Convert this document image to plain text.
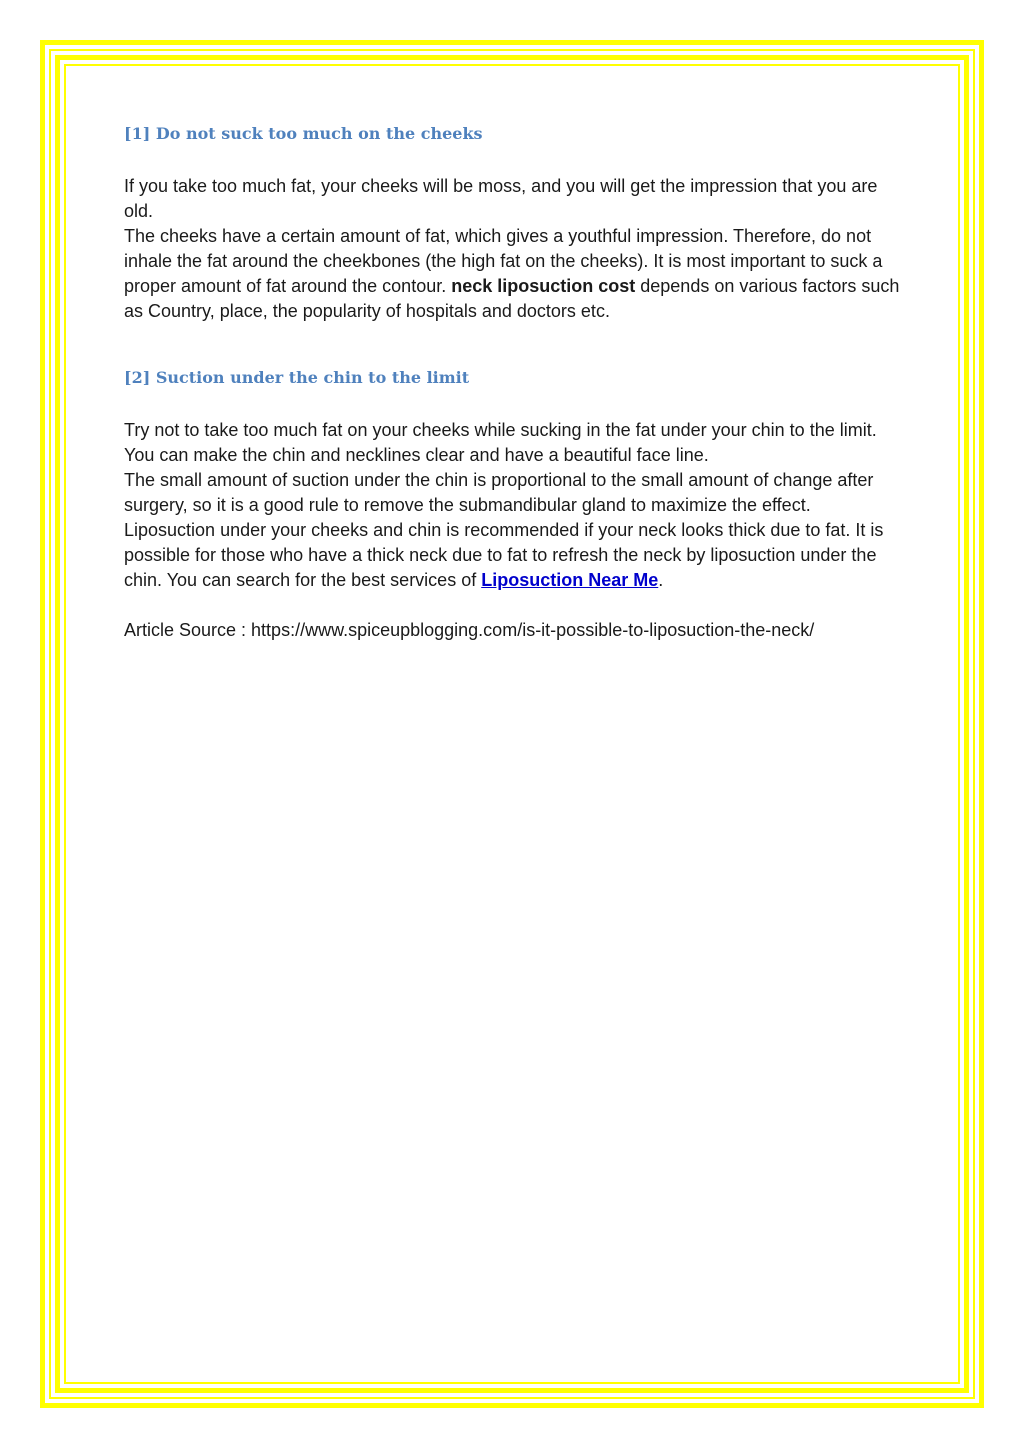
[1] Do not suck too much on the cheeks

If you take too much fat, your cheeks will be moss, and you will get the impression that you are old.

The cheeks have a certain amount of fat, which gives a youthful impression. Therefore, do not inhale the fat around the cheekbones (the high fat on the cheeks). It is most important to suck a proper amount of fat around the contour. neck liposuction cost depends on various factors such as Country, place, the popularity of hospitals and doctors etc.

[2] Suction under the chin to the limit

Try not to take too much fat on your cheeks while sucking in the fat under your chin to the limit. You can make the chin and necklines clear and have a beautiful face line.

The small amount of suction under the chin is proportional to the small amount of change after surgery, so it is a good rule to remove the submandibular gland to maximize the effect. Liposuction under your cheeks and chin is recommended if your neck looks thick due to fat. It is possible for those who have a thick neck due to fat to refresh the neck by liposuction under the chin. You can search for the best services of Liposuction Near Me.

Article Source : https://www.spiceupblogging.com/is-it-possible-to-liposuction-the-neck/
